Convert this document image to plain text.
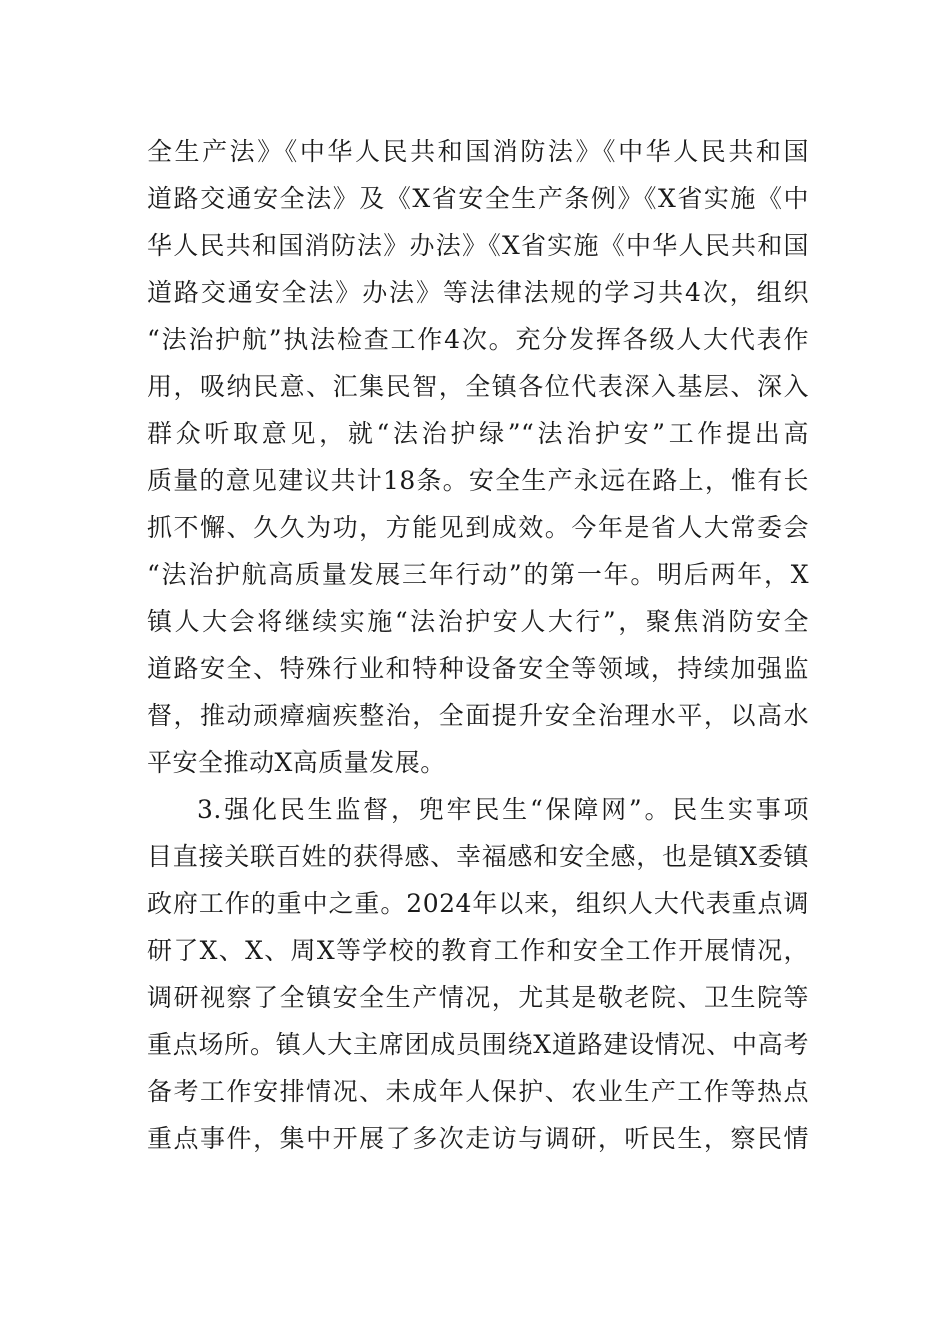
全生产法》《中华人民共和国消防法》《中华人民共和国
道路交通安全法》及《X省安全生产条例》《X省实施《中
华人民共和国消防法》办法》《X省实施《中华人民共和国
道路交通安全法》办法》等法律法规的学习共4次，组织
“法治护航”执法检查工作4次。充分发挥各级人大代表作
用，吸纳民意、汇集民智，全镇各位代表深入基层、深入
群众听取意见，就“法治护绿”“法治护安”工作提出高
质量的意见建议共计18条。安全生产永远在路上，惟有长
抓不懈、久久为功，方能见到成效。今年是省人大常委会
“法治护航高质量发展三年行动”的第一年。明后两年，X
镇人大会将继续实施“法治护安人大行”，聚焦消防安全
道路安全、特殊行业和特种设备安全等领域，持续加强监
督，推动顽瘴痼疾整治，全面提升安全治理水平，以高水
平安全推动X高质量发展。
3.强化民生监督，兜牢民生“保障网”。民生实事项
目直接关联百姓的获得感、幸福感和安全感，也是镇X委镇
政府工作的重中之重。2024年以来，组织人大代表重点调
研了X、X、周X等学校的教育工作和安全工作开展情况，
调研视察了全镇安全生产情况，尤其是敬老院、卫生院等
重点场所。镇人大主席团成员围绕X道路建设情况、中高考
备考工作安排情况、未成年人保护、农业生产工作等热点
重点事件，集中开展了多次走访与调研，听民生，察民情
